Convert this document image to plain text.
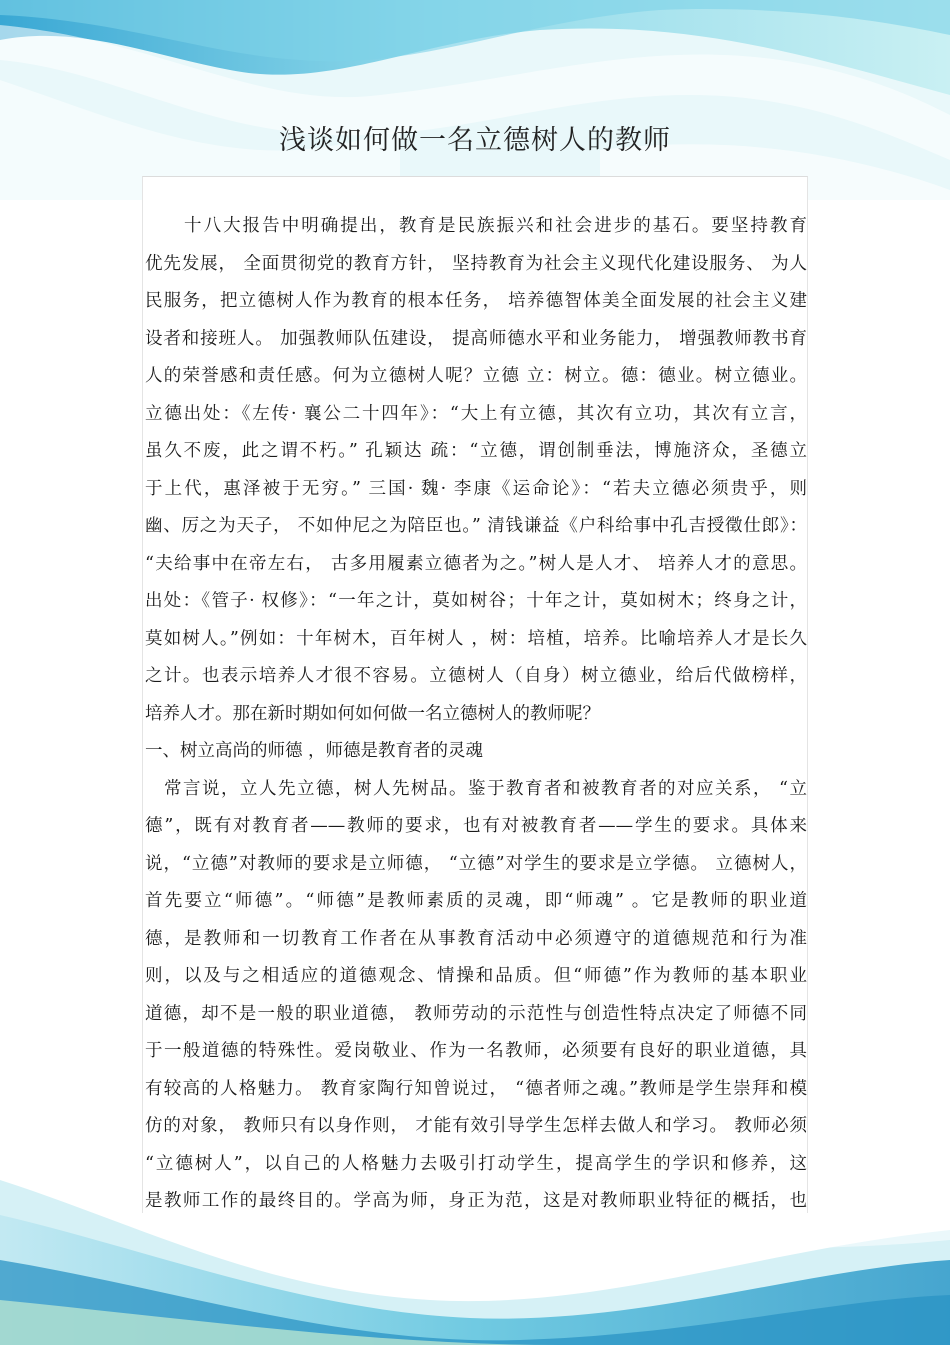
浅谈如何做一名立德树人的教师
　　十八大报告中明确提出，教育是民族振兴和社会进步的基石。要坚持教育
优先发展， 全面贯彻党的教育方针， 坚持教育为社会主义现代化建设服务、 为人
民服务，把立德树人作为教育的根本任务， 培养德智体美全面发展的社会主义建
设者和接班人。 加强教师队伍建设， 提高师德水平和业务能力， 增强教师教书育
人的荣誉感和责任感。何为立德树人呢？立德 立：树立。德：德业。树立德业。
立德出处：《左传· 襄公二十四年》：“大上有立德，其次有立功，其次有立言，
虽久不废，此之谓不朽。” 孔颖达 疏：“立德，谓创制垂法，博施济众，圣德立
于上代，惠泽被于无穷。” 三国· 魏· 李康《运命论》：“若夫立德必须贵乎，则
幽、厉之为天子， 不如仲尼之为陪臣也。” 清钱谦益《户科给事中孔吉授徵仕郎》：
“夫给事中在帝左右， 古多用履素立德者为之。”树人是人才、 培养人才的意思。
出处：《管子· 权修》：“一年之计，莫如树谷；十年之计，莫如树木；终身之计，
莫如树人。”例如：十年树木，百年树人 ，树：培植，培养。比喻培养人才是长久
之计。也表示培养人才很不容易。立德树人（自身）树立德业，给后代做榜样，
培养人才。那在新时期如何如何做一名立德树人的教师呢？
一、树立高尚的师德 ，师德是教育者的灵魂
　常言说，立人先立德，树人先树品。鉴于教育者和被教育者的对应关系， “立
德”，既有对教育者——教师的要求，也有对被教育者——学生的要求。具体来
说，“立德”对教师的要求是立师德， “立德”对学生的要求是立学德。 立德树人，
首先要立“师德”。“师德”是教师素质的灵魂，即“师魂” 。它是教师的职业道
德，是教师和一切教育工作者在从事教育活动中必须遵守的道德规范和行为准
则，以及与之相适应的道德观念、情操和品质。但“师德”作为教师的基本职业
道德，却不是一般的职业道德， 教师劳动的示范性与创造性特点决定了师德不同
于一般道德的特殊性。爱岗敬业、作为一名教师，必须要有良好的职业道德，具
有较高的人格魅力。 教育家陶行知曾说过， “德者师之魂。”教师是学生崇拜和模
仿的对象， 教师只有以身作则， 才能有效引导学生怎样去做人和学习。 教师必须
“立德树人”，以自己的人格魅力去吸引打动学生，提高学生的学识和修养，这
是教师工作的最终目的。学高为师，身正为范，这是对教师职业特征的概括，也
